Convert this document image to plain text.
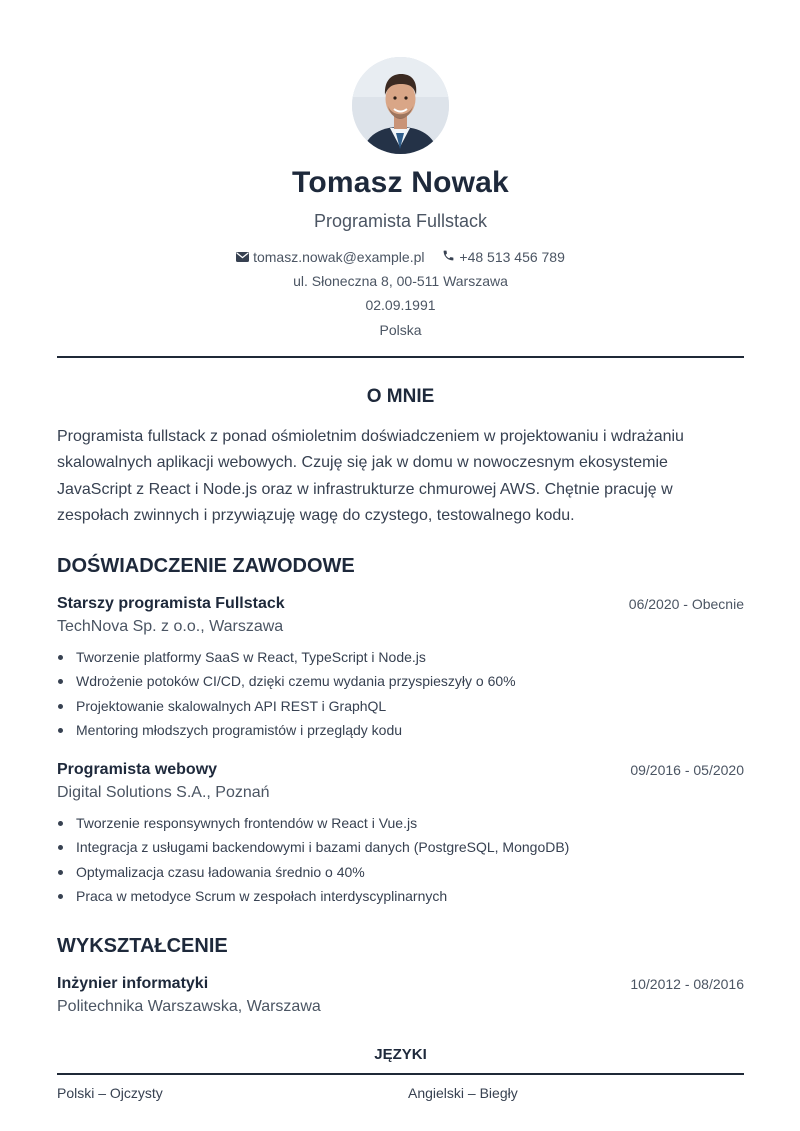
Tomasz Nowak
Programista Fullstack
tomasz.nowak@example.pl
+48 513 456 789
ul. Słoneczna 8, 00-511 Warszawa
02.09.1991
Polska
O MNIE
Programista fullstack z ponad ośmioletnim doświadczeniem w projektowaniu i wdrażaniu skalowalnych aplikacji webowych. Czuję się jak w domu w nowoczesnym ekosystemie JavaScript z React i Node.js oraz w infrastrukturze chmurowej AWS. Chętnie pracuję w zespołach zwinnych i przywiązuję wagę do czystego, testowalnego kodu.
DOŚWIADCZENIE ZAWODOWE
Starszy programista Fullstack	06/2020 - Obecnie
TechNova Sp. z o.o., Warszawa
Tworzenie platformy SaaS w React, TypeScript i Node.js
Wdrożenie potoków CI/CD, dzięki czemu wydania przyspieszyły o 60%
Projektowanie skalowalnych API REST i GraphQL
Mentoring młodszych programistów i przeglądy kodu
Programista webowy	09/2016 - 05/2020
Digital Solutions S.A., Poznań
Tworzenie responsywnych frontendów w React i Vue.js
Integracja z usługami backendowymi i bazami danych (PostgreSQL, MongoDB)
Optymalizacja czasu ładowania średnio o 40%
Praca w metodyce Scrum w zespołach interdyscyplinarnych
WYKSZTAŁCENIE
Inżynier informatyki	10/2012 - 08/2016
Politechnika Warszawska, Warszawa
JĘZYKI
Polski – Ojczysty	Angielski – Biegły
